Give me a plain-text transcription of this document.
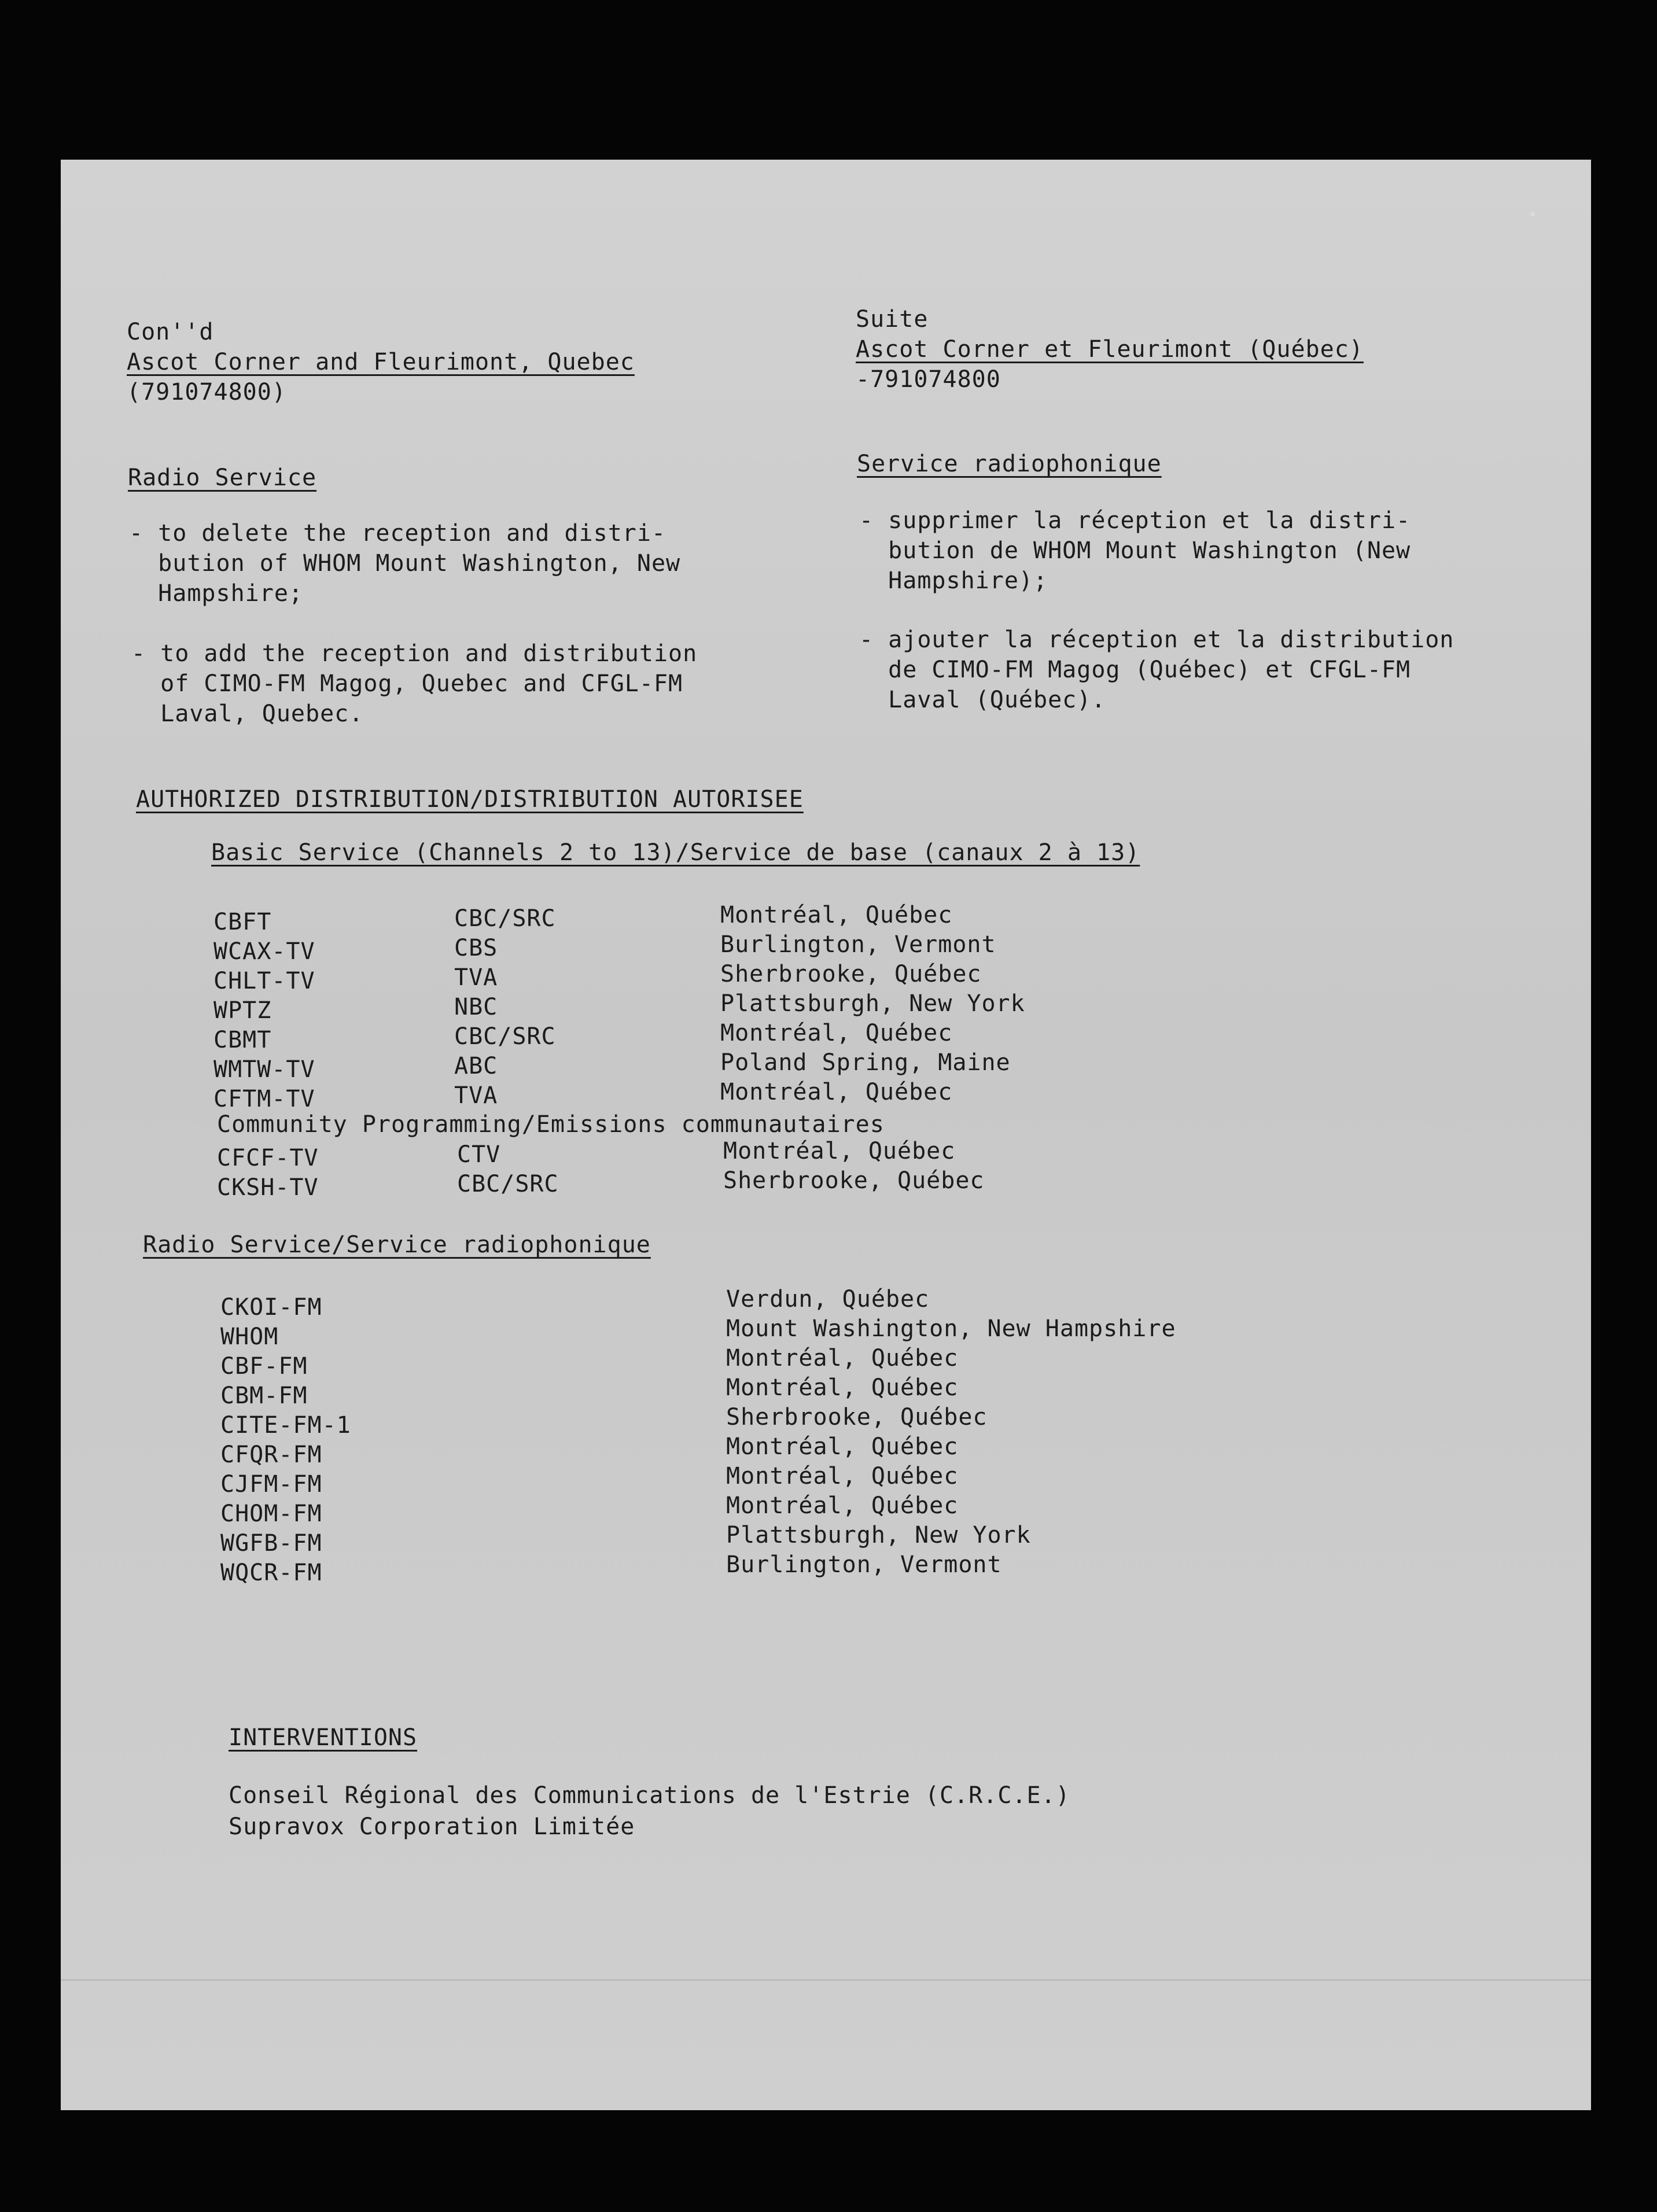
Con''d
Ascot Corner and Fleurimont, Quebec
(791074800)
Suite
Ascot Corner et Fleurimont (Québec)
-791074800
Radio Service
- to delete the reception and distri-
bution of WHOM Mount Washington, New
Hampshire;
- to add the reception and distribution
of CIMO-FM Magog, Quebec and CFGL-FM
Laval, Quebec.
Service radiophonique
- supprimer la réception et la distri-
bution de WHOM Mount Washington (New
Hampshire);
- ajouter la réception et la distribution
de CIMO-FM Magog (Québec) et CFGL-FM
Laval (Québec).
AUTHORIZED DISTRIBUTION/DISTRIBUTION AUTORISEE
Basic Service (Channels 2 to 13)/Service de base (canaux 2 à 13)
CBFT	CBC/SRC	Montréal, Québec
WCAX-TV	CBS	Burlington, Vermont
CHLT-TV	TVA	Sherbrooke, Québec
WPTZ	NBC	Plattsburgh, New York
CBMT	CBC/SRC	Montréal, Québec
WMTW-TV	ABC	Poland Spring, Maine
CFTM-TV	TVA	Montréal, Québec
Community Programming/Emissions communautaires
CFCF-TV	CTV	Montréal, Québec
CKSH-TV	CBC/SRC	Sherbrooke, Québec
Radio Service/Service radiophonique
CKOI-FM	Verdun, Québec
WHOM	Mount Washington, New Hampshire
CBF-FM	Montréal, Québec
CBM-FM	Montréal, Québec
CITE-FM-1	Sherbrooke, Québec
CFQR-FM	Montréal, Québec
CJFM-FM	Montréal, Québec
CHOM-FM	Montréal, Québec
WGFB-FM	Plattsburgh, New York
WQCR-FM	Burlington, Vermont
INTERVENTIONS
Conseil Régional des Communications de l'Estrie (C.R.C.E.)
Supravox Corporation Limitée
